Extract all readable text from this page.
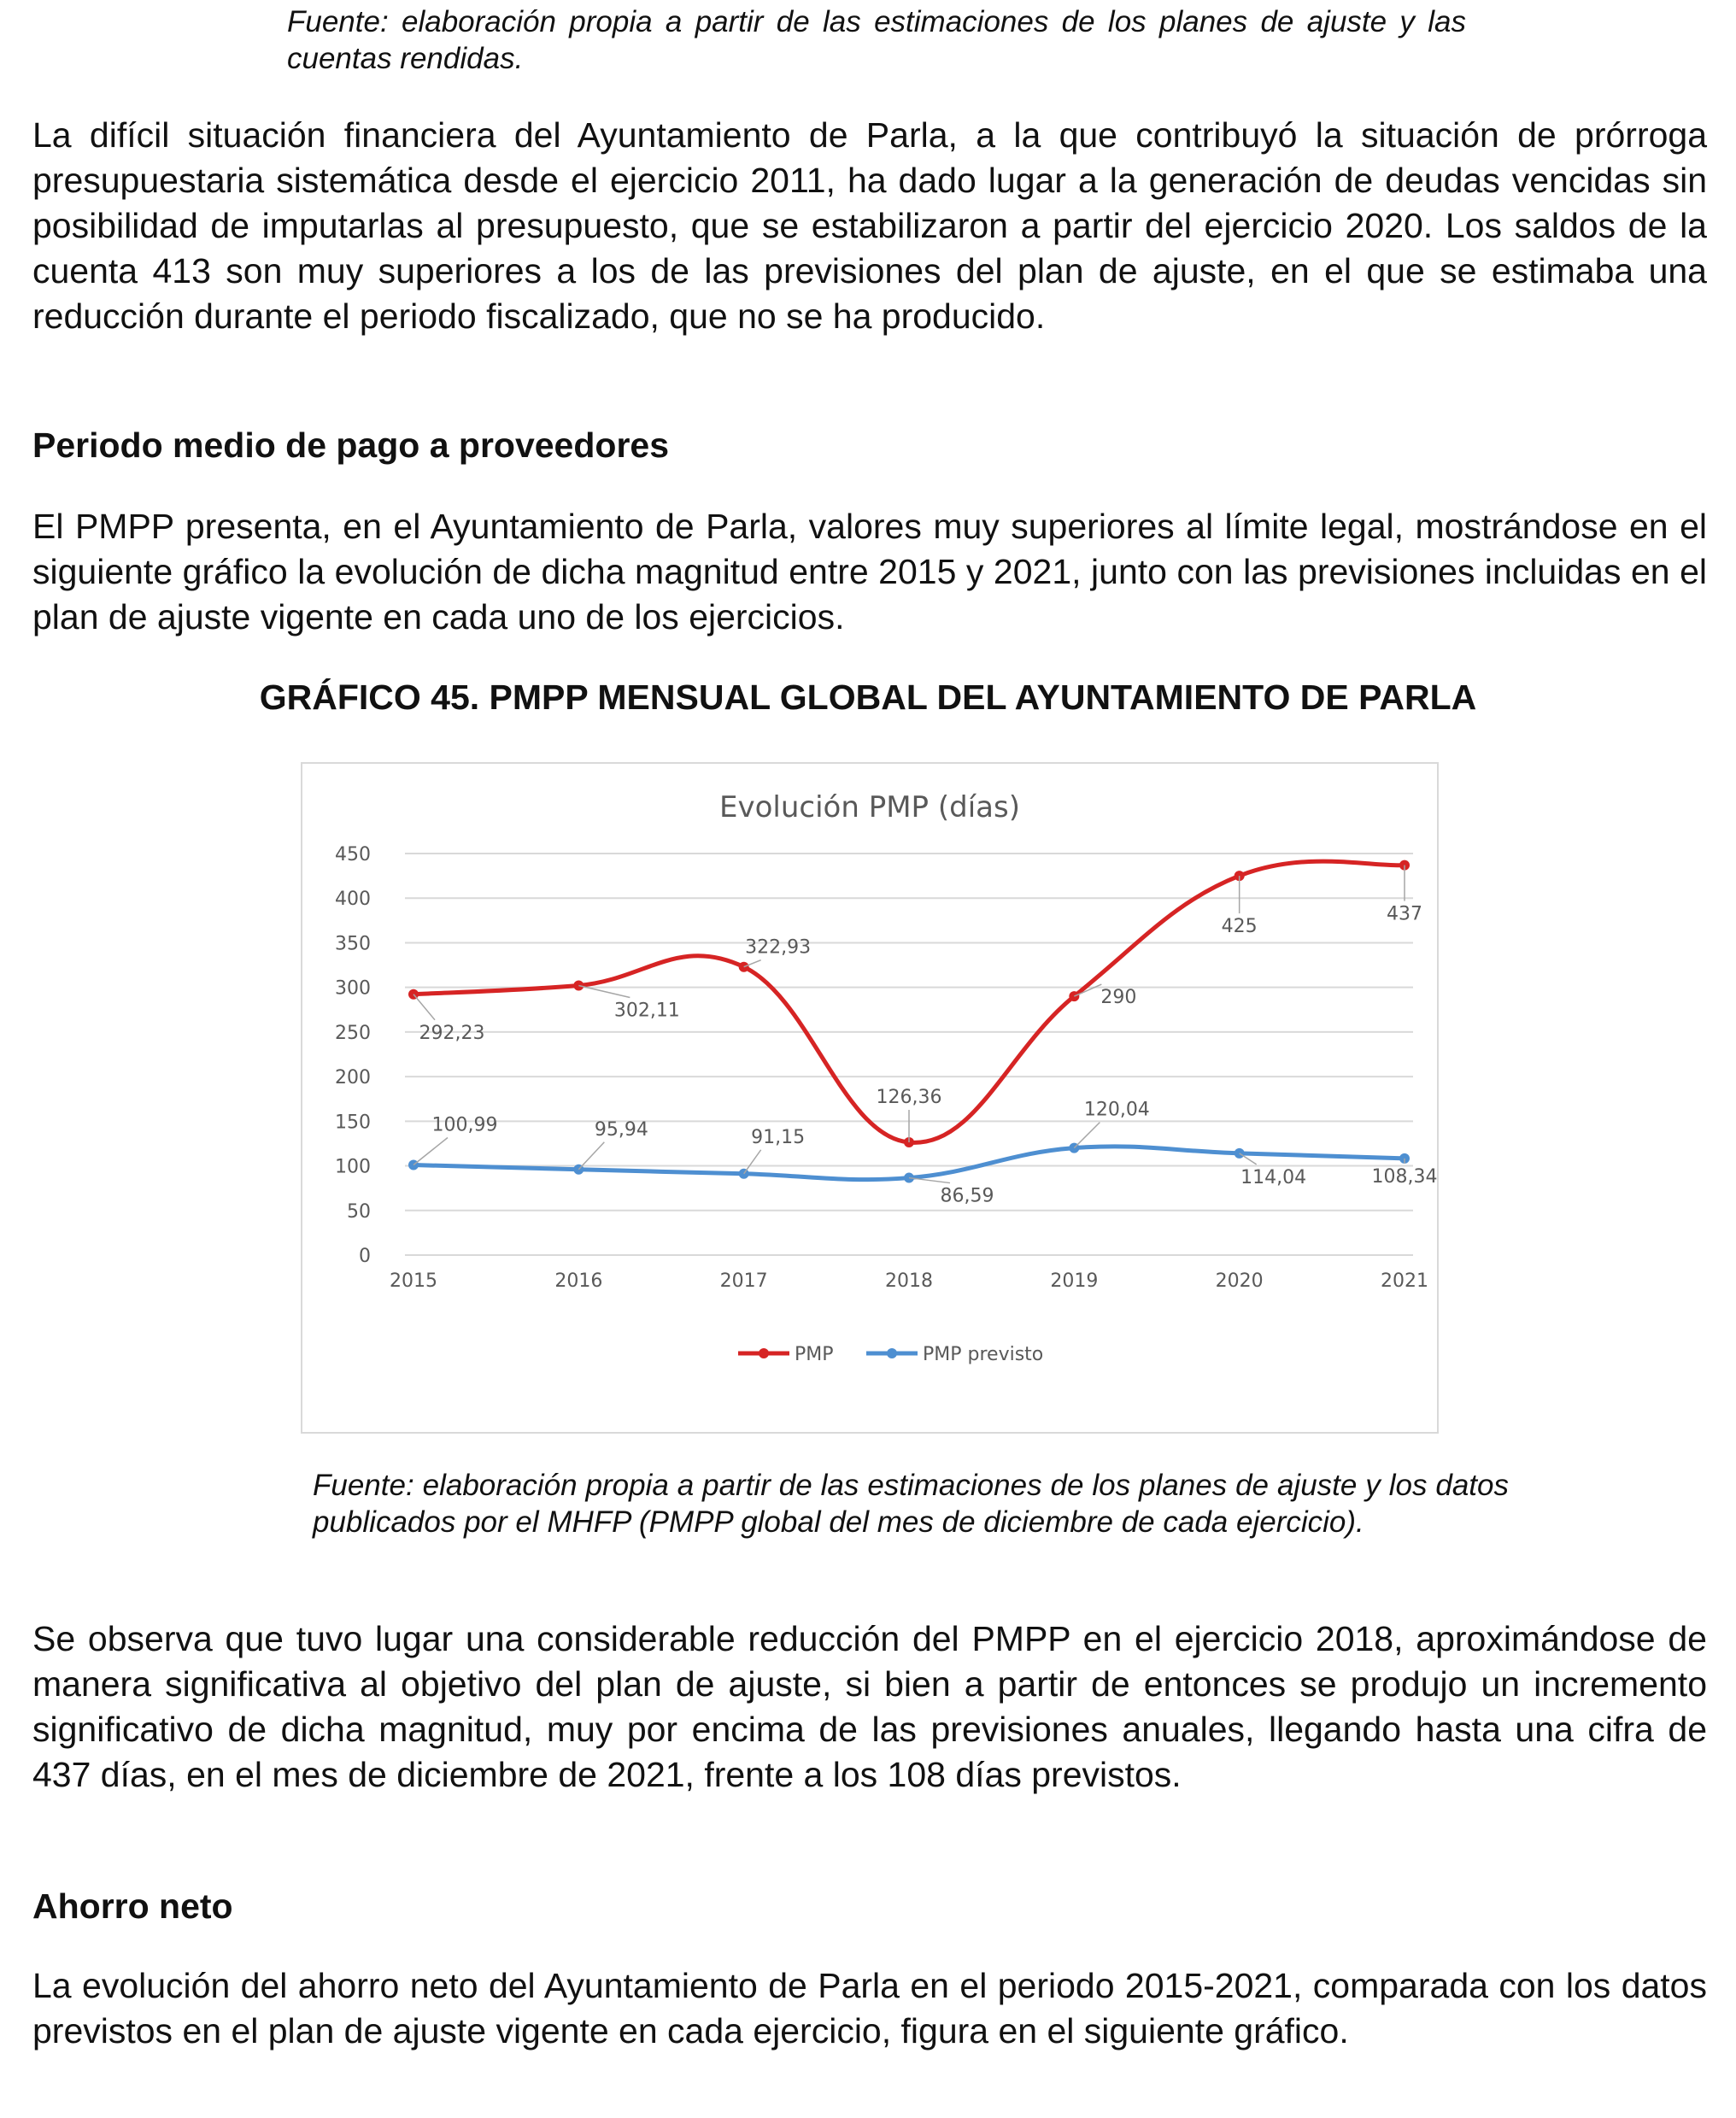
Fuente: elaboración propia a partir de las estimaciones de los planes de ajuste y las cuentas rendidas.
La difícil situación financiera del Ayuntamiento de Parla, a la que contribuyó la situación de prórroga presupuestaria sistemática desde el ejercicio 2011, ha dado lugar a la generación de deudas vencidas sin posibilidad de imputarlas al presupuesto, que se estabilizaron a partir del ejercicio 2020. Los saldos de la cuenta 413 son muy superiores a los de las previsiones del plan de ajuste, en el que se estimaba una reducción durante el periodo fiscalizado, que no se ha producido.
Periodo medio de pago a proveedores
El PMPP presenta, en el Ayuntamiento de Parla, valores muy superiores al límite legal, mostrándose en el siguiente gráfico la evolución de dicha magnitud entre 2015 y 2021, junto con las previsiones incluidas en el plan de ajuste vigente en cada uno de los ejercicios.
GRÁFICO 45. PMPP MENSUAL GLOBAL DEL AYUNTAMIENTO DE PARLA
Evolución PMP (días)
0
50
100
150
200
250
300
350
400
450
2015	2016	2017	2018	2019	2020	2021
292,23
302,11
322,93
126,36
290
425
437
100,99	95,94	91,15
86,59
120,04
114,04	108,34
PMP	PMP previsto
Fuente: elaboración propia a partir de las estimaciones de los planes de ajuste y los datos publicados por el MHFP (PMPP global del mes de diciembre de cada ejercicio).
Se observa que tuvo lugar una considerable reducción del PMPP en el ejercicio 2018, aproximándose de manera significativa al objetivo del plan de ajuste, si bien a partir de entonces se produjo un incremento significativo de dicha magnitud, muy por encima de las previsiones anuales, llegando hasta una cifra de 437 días, en el mes de diciembre de 2021, frente a los 108 días previstos.
Ahorro neto
La evolución del ahorro neto del Ayuntamiento de Parla en el periodo 2015-2021, comparada con los datos previstos en el plan de ajuste vigente en cada ejercicio, figura en el siguiente gráfico.
